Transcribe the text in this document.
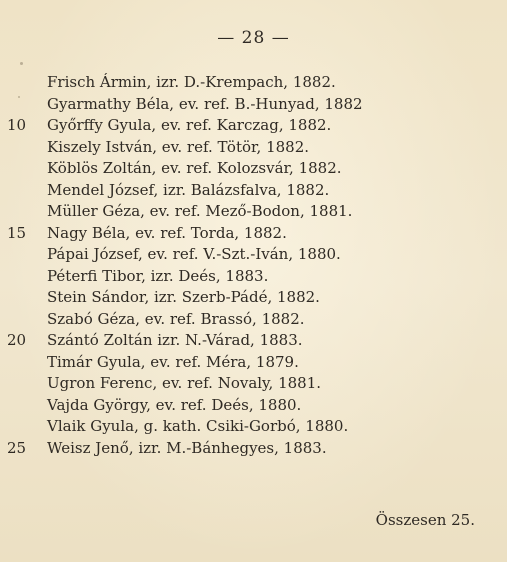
— 28 —
Frisch Ármin, izr. D.-Krempach, 1882.
Gyarmathy Béla, ev. ref. B.-Hunyad, 1882
10	Győrffy Gyula, ev. ref. Karczag, 1882.
Kiszely István, ev. ref. Tötör, 1882.
Köblös Zoltán, ev. ref. Kolozsvár, 1882.
Mendel József, izr. Balázsfalva, 1882.
Müller Géza, ev. ref. Mező-Bodon, 1881.
15	Nagy Béla, ev. ref. Torda, 1882.
Pápai József, ev. ref. V.-Szt.-Iván, 1880.
Péterfi Tibor, izr. Deés, 1883.
Stein Sándor, izr. Szerb-Pádé, 1882.
Szabó Géza, ev. ref. Brassó, 1882.
20	Szántó Zoltán izr. N.-Várad, 1883.
Timár Gyula, ev. ref. Méra, 1879.
Ugron Ferenc, ev. ref. Novaly, 1881.
Vajda György, ev. ref. Deés, 1880.
Vlaik Gyula, g. kath. Csiki-Gorbó, 1880.
25	Weisz Jenő, izr. M.-Bánhegyes, 1883.
Összesen 25.
